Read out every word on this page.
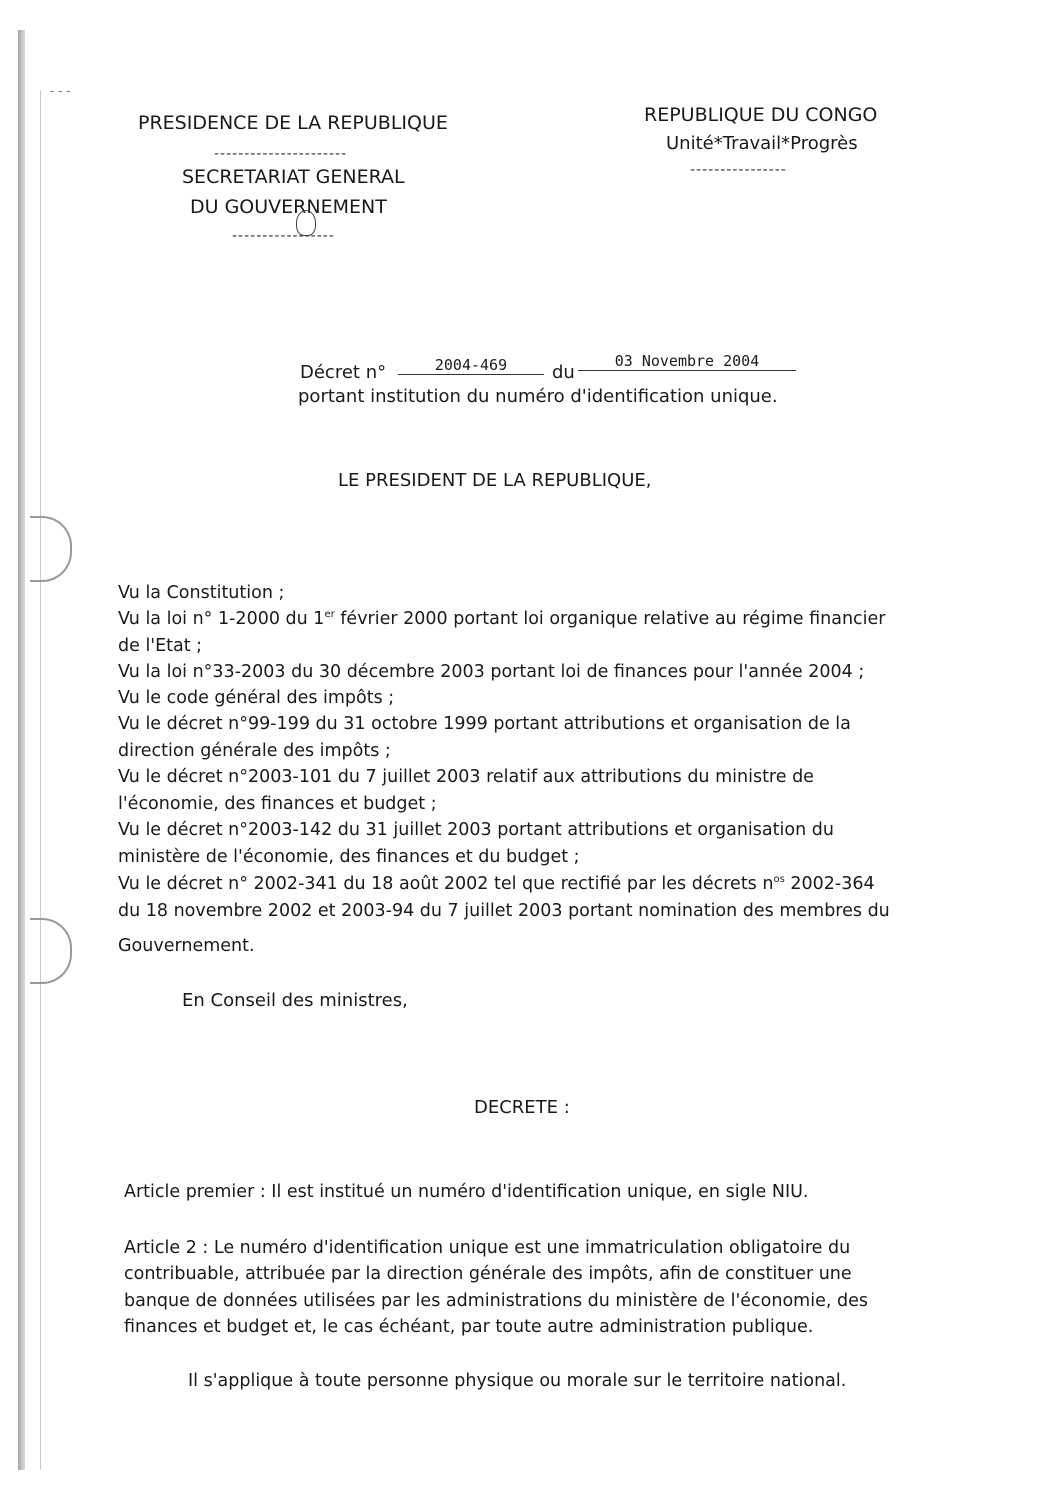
- - -
PRESIDENCE DE LA REPUBLIQUE
----------------------
SECRETARIAT GENERAL
DU GOUVERNEMENT
-----------------
REPUBLIQUE DU CONGO
Unité*Travail*Progrès
----------------
Décret n°	2004-469	du
03 Novembre 2004
portant institution du numéro d'identification unique.
LE PRESIDENT DE LA REPUBLIQUE,
Vu la Constitution ;
Vu la loi n° 1-2000 du 1er février 2000 portant loi organique relative au régime financier
de l'Etat ;
Vu la loi n°33-2003 du 30 décembre 2003 portant loi de finances pour l'année 2004 ;
Vu le code général des impôts ;
Vu le décret n°99-199 du 31 octobre 1999 portant attributions et organisation de la
direction générale des impôts ;
Vu le décret n°2003-101 du 7 juillet 2003 relatif aux attributions du ministre de
l'économie, des finances et budget ;
Vu le décret n°2003-142 du 31 juillet 2003 portant attributions et organisation du
ministère de l'économie, des finances et du budget ;
Vu le décret n° 2002-341 du 18 août 2002 tel que rectifié par les décrets $n^{os}$ 2002-364
du 18 novembre 2002 et 2003-94 du 7 juillet 2003 portant nomination des membres du
Gouvernement.
En Conseil des ministres,
DECRETE :
Article premier : Il est institué un numéro d'identification unique, en sigle NIU.
Article 2 : Le numéro d'identification unique est une immatriculation obligatoire du
contribuable, attribuée par la direction générale des impôts, afin de constituer une
banque de données utilisées par les administrations du ministère de l'économie, des
finances et budget et, le cas échéant, par toute autre administration publique.
Il s'applique à toute personne physique ou morale sur le territoire national.
